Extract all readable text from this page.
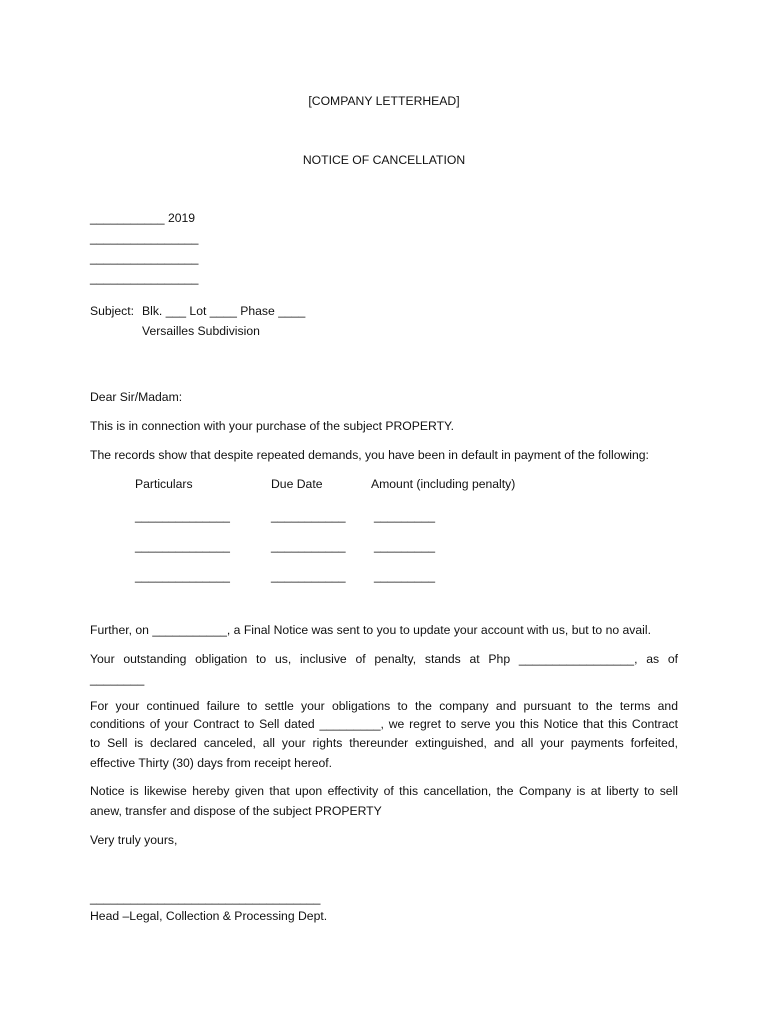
[COMPANY LETTERHEAD]
NOTICE OF CANCELLATION
___________ 2019
________________
________________
________________
Subject: Blk. ___ Lot ____ Phase ____
Versailles Subdivision
Dear Sir/Madam:
This is in connection with your purchase of the subject PROPERTY.
The records show that despite repeated demands, you have been in default in payment of the following:
Particulars	Due Date	Amount (including penalty)
______________	___________ _________
______________	___________ _________
______________	___________ _________
Further, on ___________, a Final Notice was sent to you to update your account with us, but to no avail.
Your outstanding obligation to us, inclusive of penalty, stands at Php _________________, as of
________
For your continued failure to settle your obligations to the company and pursuant to the terms and
conditions of your Contract to Sell dated _________, we regret to serve you this Notice that this Contract
to Sell is declared canceled, all your rights thereunder extinguished, and all your payments forfeited,
effective Thirty (30) days from receipt hereof.
Notice is likewise hereby given that upon effectivity of this cancellation, the Company is at liberty to sell
anew, transfer and dispose of the subject PROPERTY
Very truly yours,
__________________________________
Head –Legal, Collection & Processing Dept.
